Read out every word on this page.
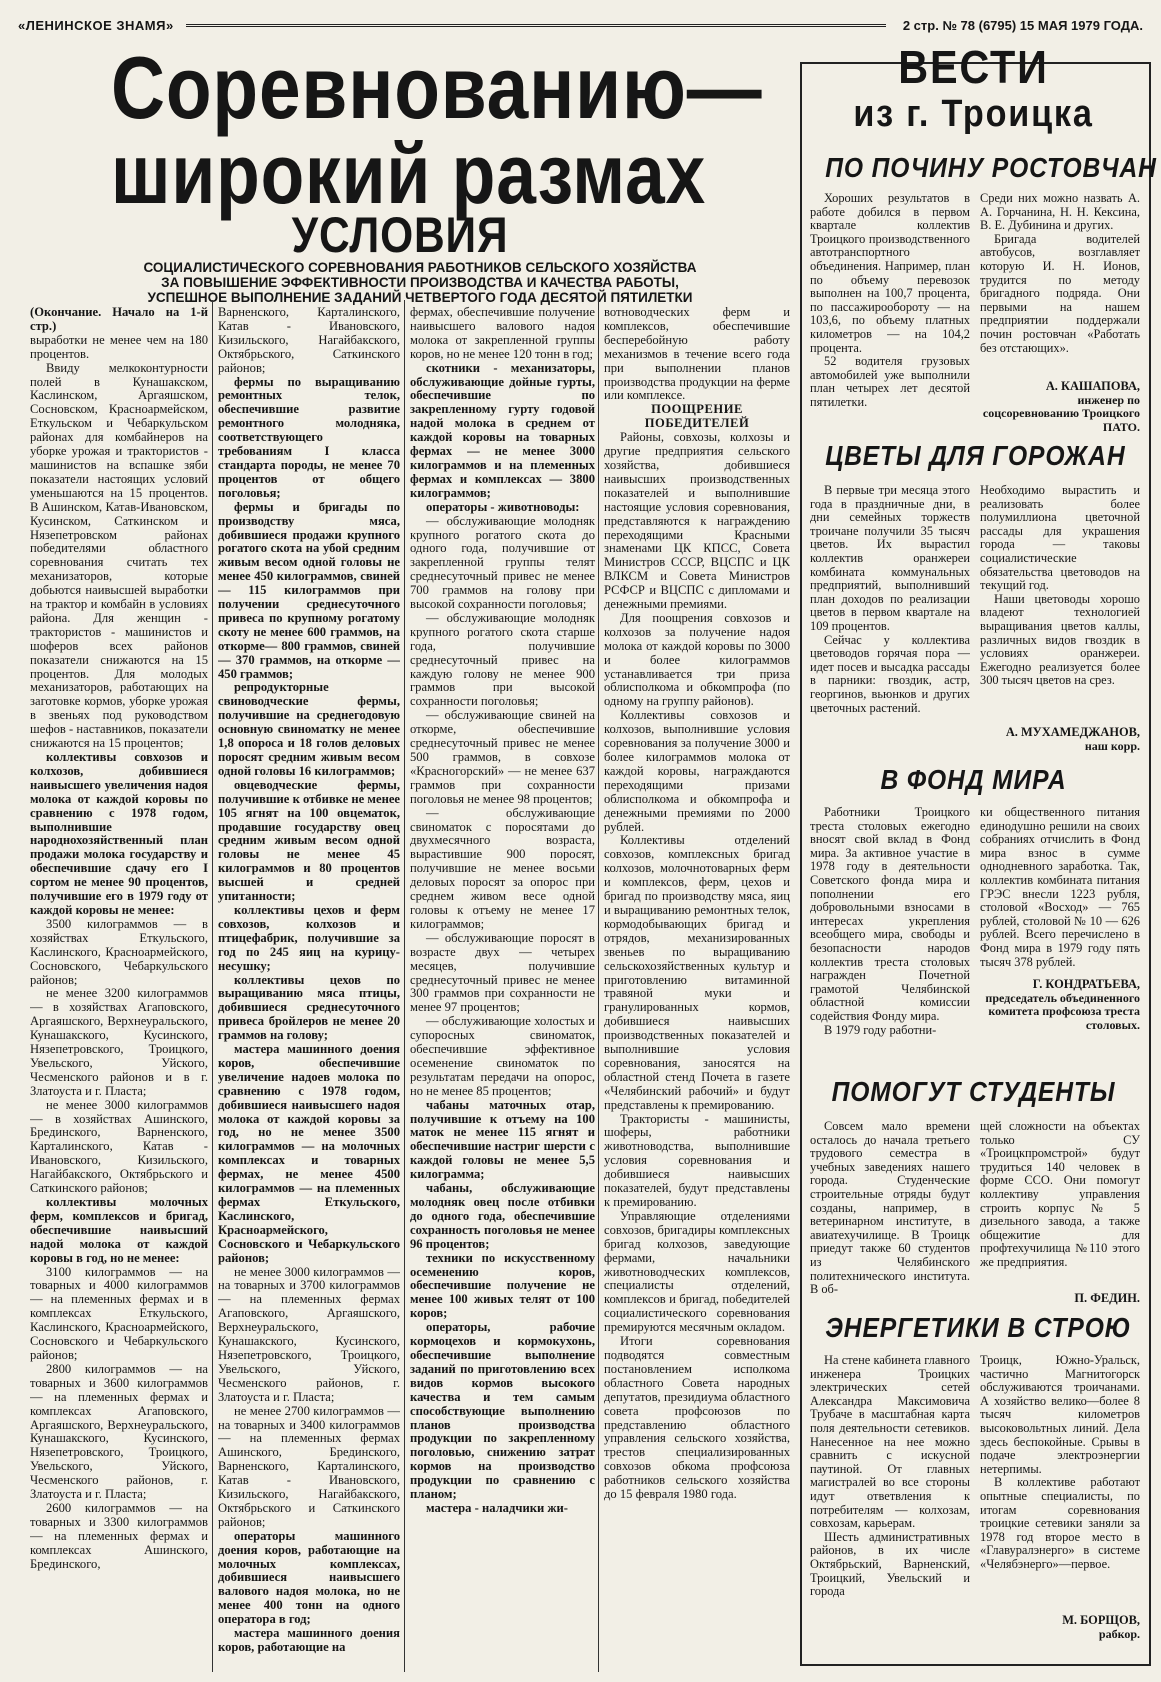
«ЛЕНИНСКОЕ ЗНАМЯ»	2 стр. № 78 (6795) 15 МАЯ 1979 ГОДА.
Соревнованию—
широкий размах
УСЛОВИЯ
СОЦИАЛИСТИЧЕСКОГО СОРЕВНОВАНИЯ РАБОТНИКОВ СЕЛЬСКОГО ХОЗЯЙСТВА
ЗА ПОВЫШЕНИЕ ЭФФЕКТИВНОСТИ ПРОИЗВОДСТВА И КАЧЕСТВА РАБОТЫ,
УСПЕШНОЕ ВЫПОЛНЕНИЕ ЗАДАНИЙ ЧЕТВЕРТОГО ГОДА ДЕСЯТОЙ ПЯТИЛЕТКИ

(Окончание. Начало на 1-й стр.)

выработки не менее чем на 180 процентов.

Ввиду мелкоконтурности полей в Кунашакском, Каслинском, Аргаяшском, Сосновском, Красноармейском, Еткульском и Чебаркульском районах для комбайнеров на уборке урожая и трактористов - машинистов на вспашке зяби показатели настоящих условий уменьшаются на 15 процентов. В Ашинском, Катав-Ивановском, Кусинском, Саткинском и Нязепетровском районах победителями областного соревнования считать тех механизаторов, которые добьются наивысшей выработки на трактор и комбайн в условиях района. Для женщин - трактористов - машинистов и шоферов всех районов показатели снижаются на 15 процентов. Для молодых механизаторов, работающих на заготовке кормов, уборке урожая в звеньях под руководством шефов - наставников, показатели снижаются на 15 процентов;

коллективы совхозов и колхозов, добившиеся наивысшего увеличения надоя молока от каждой коровы по сравнению с 1978 годом, выполнившие народнохозяйственный план продажи молока государству и обеспечившие сдачу его I сортом не менее 90 процентов, получившие его в 1979 году от каждой коровы не менее:

3500 килограммов — в хозяйствах Еткульского, Каслинского, Красноармейского, Сосновского, Чебаркульского районов;

не менее 3200 килограммов — в хозяйствах Агаповского, Аргаяшского, Верхнеуральского, Кунашакского, Кусинского, Нязепетровского, Троицкого, Увельского, Уйского, Чесменского районов и в г. Златоуста и г. Пласта;

не менее 3000 килограммов — в хозяйствах Ашинского, Брединского, Варненского, Карталинского, Катав - Ивановского, Кизильского, Нагайбакского, Октябрьского и Саткинского районов;

коллективы молочных ферм, комплексов и бригад, обеспечившие наивысший надой молока от каждой коровы в год, но не менее:

3100 килограммов — на товарных и 4000 килограммов — на племенных фермах и в комплексах Еткульского, Каслинского, Красноармейского, Сосновского и Чебаркульского районов;

2800 килограммов — на товарных и 3600 килограммов — на племенных фермах и комплексах Агаповского, Аргаяшского, Верхнеуральского, Кунашакского, Кусинского, Нязепетровского, Троицкого, Увельского, Уйского, Чесменского районов, г. Златоуста и г. Пласта;

2600 килограммов — на товарных и 3300 килограммов — на племенных фермах и комплексах Ашинского, Брединского,

Варненского, Карталинского, Катав - Ивановского, Кизильского, Нагайбакского, Октябрьского, Саткинского районов;

фермы по выращиванию ремонтных телок, обеспечившие развитие ремонтного молодняка, соответствующего требованиям I класса стандарта породы, не менее 70 процентов от общего поголовья;

фермы и бригады по производству мяса, добившиеся продажи крупного рогатого скота на убой средним живым весом одной головы не менее 450 килограммов, свиней — 115 килограммов при получении среднесуточного привеса по крупному рогатому скоту не менее 600 граммов, на откорме— 800 граммов, свиней — 370 граммов, на откорме — 450 граммов;

репродукторные свиноводческие фермы, получившие на среднегодовую основную свиноматку не менее 1,8 опороса и 18 голов деловых поросят средним живым весом одной головы 16 килограммов;

овцеводческие фермы, получившие к отбивке не менее 105 ягнят на 100 овцематок, продавшие государству овец средним живым весом одной головы не менее 45 килограммов и 80 процентов высшей и средней упитанности;

коллективы цехов и ферм совхозов, колхозов и птицефабрик, получившие за год по 245 яиц на курицу-несушку;

коллективы цехов по выращиванию мяса птицы, добившиеся среднесуточного привеса бройлеров не менее 20 граммов на голову;

мастера машинного доения коров, обеспечившие увеличение надоев молока по сравнению с 1978 годом, добившиеся наивысшего надоя молока от каждой коровы за год, но не менее 3500 килограммов — на молочных комплексах и товарных фермах, не менее 4500 килограммов — на племенных фермах Еткульского, Каслинского, Красноармейского, Сосновского и Чебаркульского районов;

не менее 3000 килограммов — на товарных и 3700 килограммов — на племенных фермах Агаповского, Аргаяшского, Верхнеуральского, Кунашакского, Кусинского, Нязепетровского, Троицкого, Увельского, Уйского, Чесменского районов, г. Златоуста и г. Пласта;

не менее 2700 килограммов — на товарных и 3400 килограммов — на племенных фермах Ашинского, Брединского, Варненского, Карталинского, Катав - Ивановского, Кизильского, Нагайбакского, Октябрьского и Саткинского районов;

операторы машинного доения коров, работающие на молочных комплексах, добившиеся наивысшего валового надоя молока, но не менее 400 тонн на одного оператора в год;

мастера машинного доения коров, работающие на

фермах, обеспечившие получение наивысшего валового надоя молока от закрепленной группы коров, но не менее 120 тонн в год;

скотники - механизаторы, обслуживающие дойные гурты, обеспечившие по закрепленному гурту годовой надой молока в среднем от каждой коровы на товарных фермах — не менее 3000 килограммов и на племенных фермах и комплексах — 3800 килограммов;

операторы - животноводы:

— обслуживающие молодняк крупного рогатого скота до одного года, получившие от закрепленной группы телят среднесуточный привес не менее 700 граммов на голову при высокой сохранности поголовья;

— обслуживающие молодняк крупного рогатого скота старше года, получившие среднесуточный привес на каждую голову не менее 900 граммов при высокой сохранности поголовья;

— обслуживающие свиней на откорме, обеспечившие среднесуточный привес не менее 500 граммов, в совхозе «Красногорский» — не менее 637 граммов при сохранности поголовья не менее 98 процентов;

— обслуживающие свиноматок с поросятами до двухмесячного возраста, вырастившие 900 поросят, получившие не менее восьми деловых поросят за опорос при среднем живом весе одной головы к отъему не менее 17 килограммов;

— обслуживающие поросят в возрасте двух — четырех месяцев, получившие среднесуточный привес не менее 300 граммов при сохранности не менее 97 процентов;

— обслуживающие холостых и супоросных свиноматок, обеспечившие эффективное осеменение свиноматок по результатам передачи на опорос, но не менее 85 процентов;

чабаны маточных отар, получившие к отъему на 100 маток не менее 115 ягнят и обеспечившие настриг шерсти с каждой головы не менее 5,5 килограмма;

чабаны, обслуживающие молодняк овец после отбивки до одного года, обеспечившие сохранность поголовья не менее 96 процентов;

техники по искусственному осеменению коров, обеспечившие получение не менее 100 живых телят от 100 коров;

операторы, рабочие кормоцехов и кормокухонь, обеспечившие выполнение заданий по приготовлению всех видов кормов высокого качества и тем самым способствующие выполнению планов производства продукции по закрепленному поголовью, снижению затрат кормов на производство продукции по сравнению с планом;

мастера - наладчики жи-

вотноводческих ферм и комплексов, обеспечившие бесперебойную работу механизмов в течение всего года при выполнении планов производства продукции на ферме или комплексе.

ПООЩРЕНИЕ ПОБЕДИТЕЛЕЙ

Районы, совхозы, колхозы и другие предприятия сельского хозяйства, добившиеся наивысших производственных показателей и выполнившие настоящие условия соревнования, представляются к награждению переходящими Красными знаменами ЦК КПСС, Совета Министров СССР, ВЦСПС и ЦК ВЛКСМ и Совета Министров РСФСР и ВЦСПС с дипломами и денежными премиями.

Для поощрения совхозов и колхозов за получение надоя молока от каждой коровы по 3000 и более килограммов устанавливается три приза облисполкома и обкомпрофа (по одному на группу районов).

Коллективы совхозов и колхозов, выполнившие условия соревнования за получение 3000 и более килограммов молока от каждой коровы, награждаются переходящими призами облисполкома и обкомпрофа и денежными премиями по 2000 рублей.

Коллективы отделений совхозов, комплексных бригад колхозов, молочнотоварных ферм и комплексов, ферм, цехов и бригад по производству мяса, яиц и выращиванию ремонтных телок, кормодобывающих бригад и отрядов, механизированных звеньев по выращиванию сельскохозяйственных культур и приготовлению витаминной травяной муки и гранулированных кормов, добившиеся наивысших производственных показателей и выполнившие условия соревнования, заносятся на областной стенд Почета в газете «Челябинский рабочий» и будут представлены к премированию.

Трактористы - машинисты, шоферы, работники животноводства, выполнившие условия соревнования и добившиеся наивысших показателей, будут представлены к премированию.

Управляющие отделениями совхозов, бригадиры комплексных бригад колхозов, заведующие фермами, начальники животноводческих комплексов, специалисты отделений, комплексов и бригад, победителей социалистического соревнования премируются месячным окладом.

Итоги соревнования подводятся совместным постановлением исполкома областного Совета народных депутатов, президиума областного совета профсоюзов по представлению областного управления сельского хозяйства, трестов специализированных совхозов обкома профсоюза работников сельского хозяйства до 15 февраля 1980 года.

ВЕСТИ
из г. Троицка
ПО ПОЧИНУ РОСТОВЧАН

Хороших результатов в работе добился в первом квартале коллектив Троицкого производственного автотранспортного объединения. Например, план по объему перевозок выполнен на 100,7 процента, по пассажирообороту — на 103,6, по объему платных километров — на 104,2 процента.

52 водителя грузовых автомобилей уже выполнили план четырех лет десятой пятилетки.

Среди них можно назвать А. А. Горчанина, Н. Н. Кексина, В. Е. Дубинина и других.

Бригада водителей автобусов, возглавляет которую И. Н. Ионов, трудится по методу бригадного подряда. Они первыми на нашем предприятии поддержали почин ростовчан «Работать без отстающих».

А. КАШАПОВА,
инженер по соцсоревнованию Троицкого ПАТО.
ЦВЕТЫ ДЛЯ ГОРОЖАН

В первые три месяца этого года в праздничные дни, в дни семейных торжеств троичане получили 35 тысяч цветов. Их вырастил коллектив оранжереи комбината коммунальных предприятий, выполнивший план доходов по реализации цветов в первом квартале на 109 процентов.

Сейчас у коллектива цветоводов горячая пора — идет посев и высадка рассады в парники: гвоздик, астр, георгинов, вьюнков и других цветочных растений.

Необходимо вырастить и реализовать более полумиллиона цветочной рассады для украшения города — таковы социалистические обязательства цветоводов на текущий год.

Наши цветоводы хорошо владеют технологией выращивания цветов каллы, различных видов гвоздик в условиях оранжереи. Ежегодно реализуется более 300 тысяч цветов на срез.

А. МУХАМЕДЖАНОВ, наш корр.
В ФОНД МИРА

Работники Троицкого треста столовых ежегодно вносят свой вклад в Фонд мира. За активное участие в 1978 году в деятельности Советского фонда мира и пополнении его добровольными взносами в интересах укрепления всеобщего мира, свободы и безопасности народов коллектив треста столовых награжден Почетной грамотой Челябинской областной комиссии содействия Фонду мира.

В 1979 году работни-

ки общественного питания единодушно решили на своих собраниях отчислить в Фонд мира взнос в сумме однодневного заработка. Так, коллектив комбината питания ГРЭС внесли 1223 рубля, столовой «Восход» — 765 рублей, столовой № 10 — 626 рублей. Всего перечислено в Фонд мира в 1979 году пять тысяч 378 рублей.

Г. КОНДРАТЬЕВА,
председатель объединенного комитета профсоюза треста столовых.
ПОМОГУТ СТУДЕНТЫ

Совсем мало времени осталось до начала третьего трудового семестра в учебных заведениях нашего города. Студенческие строительные отряды будут созданы, например, в ветеринарном институте, в авиатехучилище. В Троицк приедут также 60 студентов из Челябинского политехнического института. В об-

щей сложности на объектах только СУ «Троицкпромстрой» будут трудиться 140 человек в форме ССО. Они помогут коллективу управления строить корпус № 5 дизельного завода, а также общежитие для профтехучилища №110 этого же предприятия.

П. ФЕДИН.
ЭНЕРГЕТИКИ В СТРОЮ

На стене кабинета главного инженера Троицких электрических сетей Александра Максимовича Трубаче в масштабная карта поля деятельности сетевиков. Нанесенное на нее можно сравнить с искусной паутиной. От главных магистралей во все стороны идут ответвления к потребителям — колхозам, совхозам, карьерам.

Шесть административных районов, в их числе Октябрьский, Варненский, Троицкий, Увельский и города

Троицк, Южно-Уральск, частично Магнитогорск обслуживаются троичанами. А хозяйство велико—более 8 тысяч километров высоковольтных линий. Дела здесь беспокойные. Срывы в подаче электроэнергии нетерпимы.

В коллективе работают опытные специалисты, по итогам соревнования троицкие сетевики заняли за 1978 год второе место в «Главуралэнерго» в системе «Челябэнерго»—первое.

М. БОРЩОВ,
рабкор.
